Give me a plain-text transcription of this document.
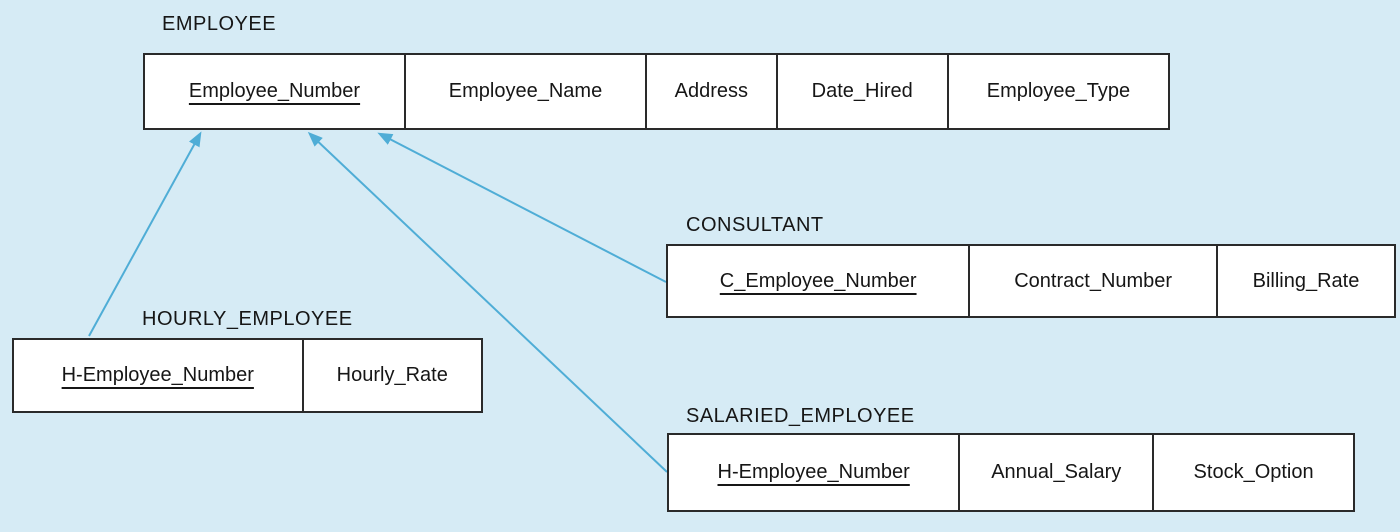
EMPLOYEE
Employee_Number	Employee_Name	Address	Date_Hired	Employee_Type
CONSULTANT
C_Employee_Number	Contract_Number	Billing_Rate
HOURLY_EMPLOYEE
H-Employee_Number	Hourly_Rate
SALARIED_EMPLOYEE
H-Employee_Number	Annual_Salary	Stock_Option
